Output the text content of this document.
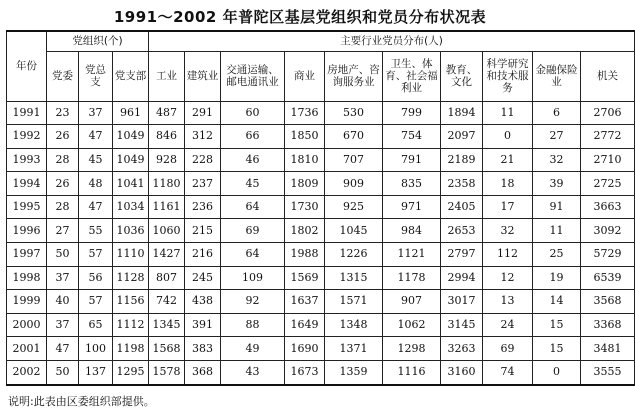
1991～2002 年普陀区基层党组织和党员分布状况表
年份	党组织(个)			主要行业党员分布(人)									
	党委	党总支	党支部	工业	建筑业	交通运输、邮电通讯业	商业	房地产、咨询服务业	卫生、体育、社会福利业	教育、文化	科学研究和技术服务	金融保险业	机关
1991	23	37	961	487	291	60	1736	530	799	1894	11	6	2706
1992	26	47	1049	846	312	66	1850	670	754	2097	0	27	2772
1993	28	45	1049	928	228	46	1810	707	791	2189	21	32	2710
1994	26	48	1041	1180	237	45	1809	909	835	2358	18	39	2725
1995	28	47	1034	1161	236	64	1730	925	971	2405	17	91	3663
1996	27	55	1036	1060	215	69	1802	1045	984	2653	32	11	3092
1997	50	57	1110	1427	216	64	1988	1226	1121	2797	112	25	5729
1998	37	56	1128	807	245	109	1569	1315	1178	2994	12	19	6539
1999	40	57	1156	742	438	92	1637	1571	907	3017	13	14	3568
2000	37	65	1112	1345	391	88	1649	1348	1062	3145	24	15	3368
2001	47	100	1198	1568	383	49	1690	1371	1298	3263	69	15	3481
2002	50	137	1295	1578	368	43	1673	1359	1116	3160	74	0	3555
说明:此表由区委组织部提供。
